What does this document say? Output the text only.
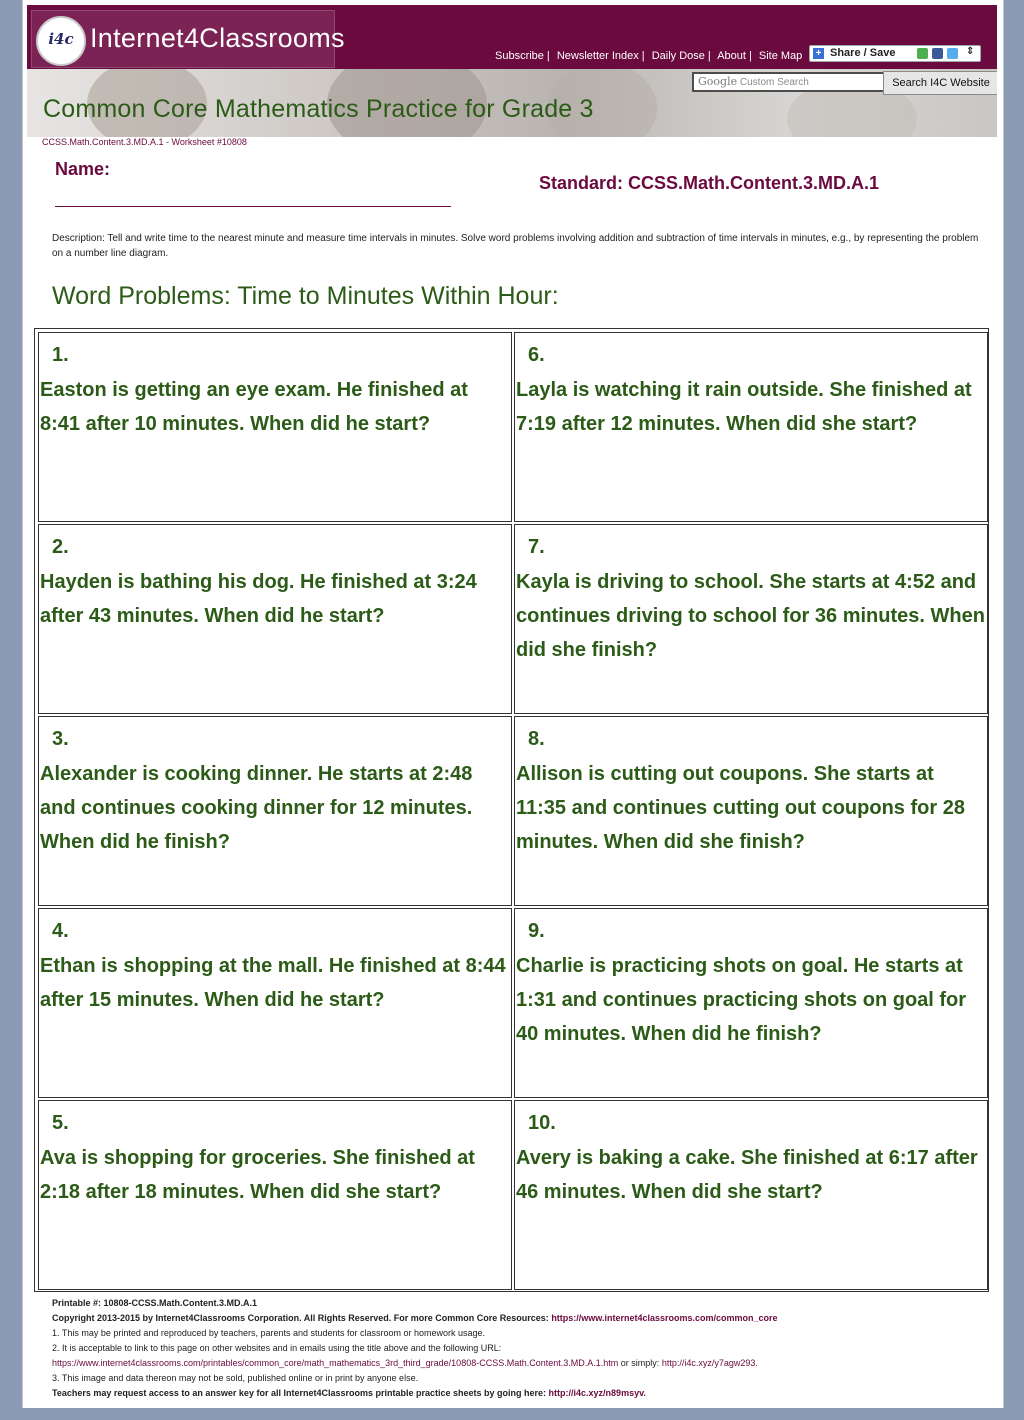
i4c Internet4Classrooms
Subscribe | Newsletter Index | Daily Dose | About | Site Map + Share / Save	⇕
Google Custom Search	Search I4C Website
Common Core Mathematics Practice for Grade 3
CCSS.Math.Content.3.MD.A.1 - Worksheet #10808
Name:
Standard: CCSS.Math.Content.3.MD.A.1
Description: Tell and write time to the nearest minute and measure time intervals in minutes. Solve word problems involving addition and subtraction of time intervals in minutes, e.g., by representing the problem on a number line diagram.
Word Problems: Time to Minutes Within Hour:
1.
Easton is getting an eye exam. He finished at 8:41 after 10 minutes. When did he start?
2.
Hayden is bathing his dog. He finished at 3:24 after 43 minutes. When did he start?
3.
Alexander is cooking dinner. He starts at 2:48 and continues cooking dinner for 12 minutes. When did he finish?
4.
Ethan is shopping at the mall. He finished at 8:44 after 15 minutes. When did he start?
5.
Ava is shopping for groceries. She finished at 2:18 after 18 minutes. When did she start?
6.
Layla is watching it rain outside. She finished at 7:19 after 12 minutes. When did she start?
7.
Kayla is driving to school. She starts at 4:52 and continues driving to school for 36 minutes. When did she finish?
8.
Allison is cutting out coupons. She starts at 11:35 and continues cutting out coupons for 28 minutes. When did she finish?
9.
Charlie is practicing shots on goal. He starts at 1:31 and continues practicing shots on goal for 40 minutes. When did he finish?
10.
Avery is baking a cake. She finished at 6:17 after 46 minutes. When did she start?
Printable #: 10808-CCSS.Math.Content.3.MD.A.1
Copyright 2013-2015 by Internet4Classrooms Corporation. All Rights Reserved. For more Common Core Resources: https://www.internet4classrooms.com/common_core
1. This may be printed and reproduced by teachers, parents and students for classroom or homework usage.
2. It is acceptable to link to this page on other websites and in emails using the title above and the following URL:
https://www.internet4classrooms.com/printables/common_core/math_mathematics_3rd_third_grade/10808-CCSS.Math.Content.3.MD.A.1.htm or simply: http://i4c.xyz/y7agw293.
3. This image and data thereon may not be sold, published online or in print by anyone else.
Teachers may request access to an answer key for all Internet4Classrooms printable practice sheets by going here: http://i4c.xyz/n89msyv.
